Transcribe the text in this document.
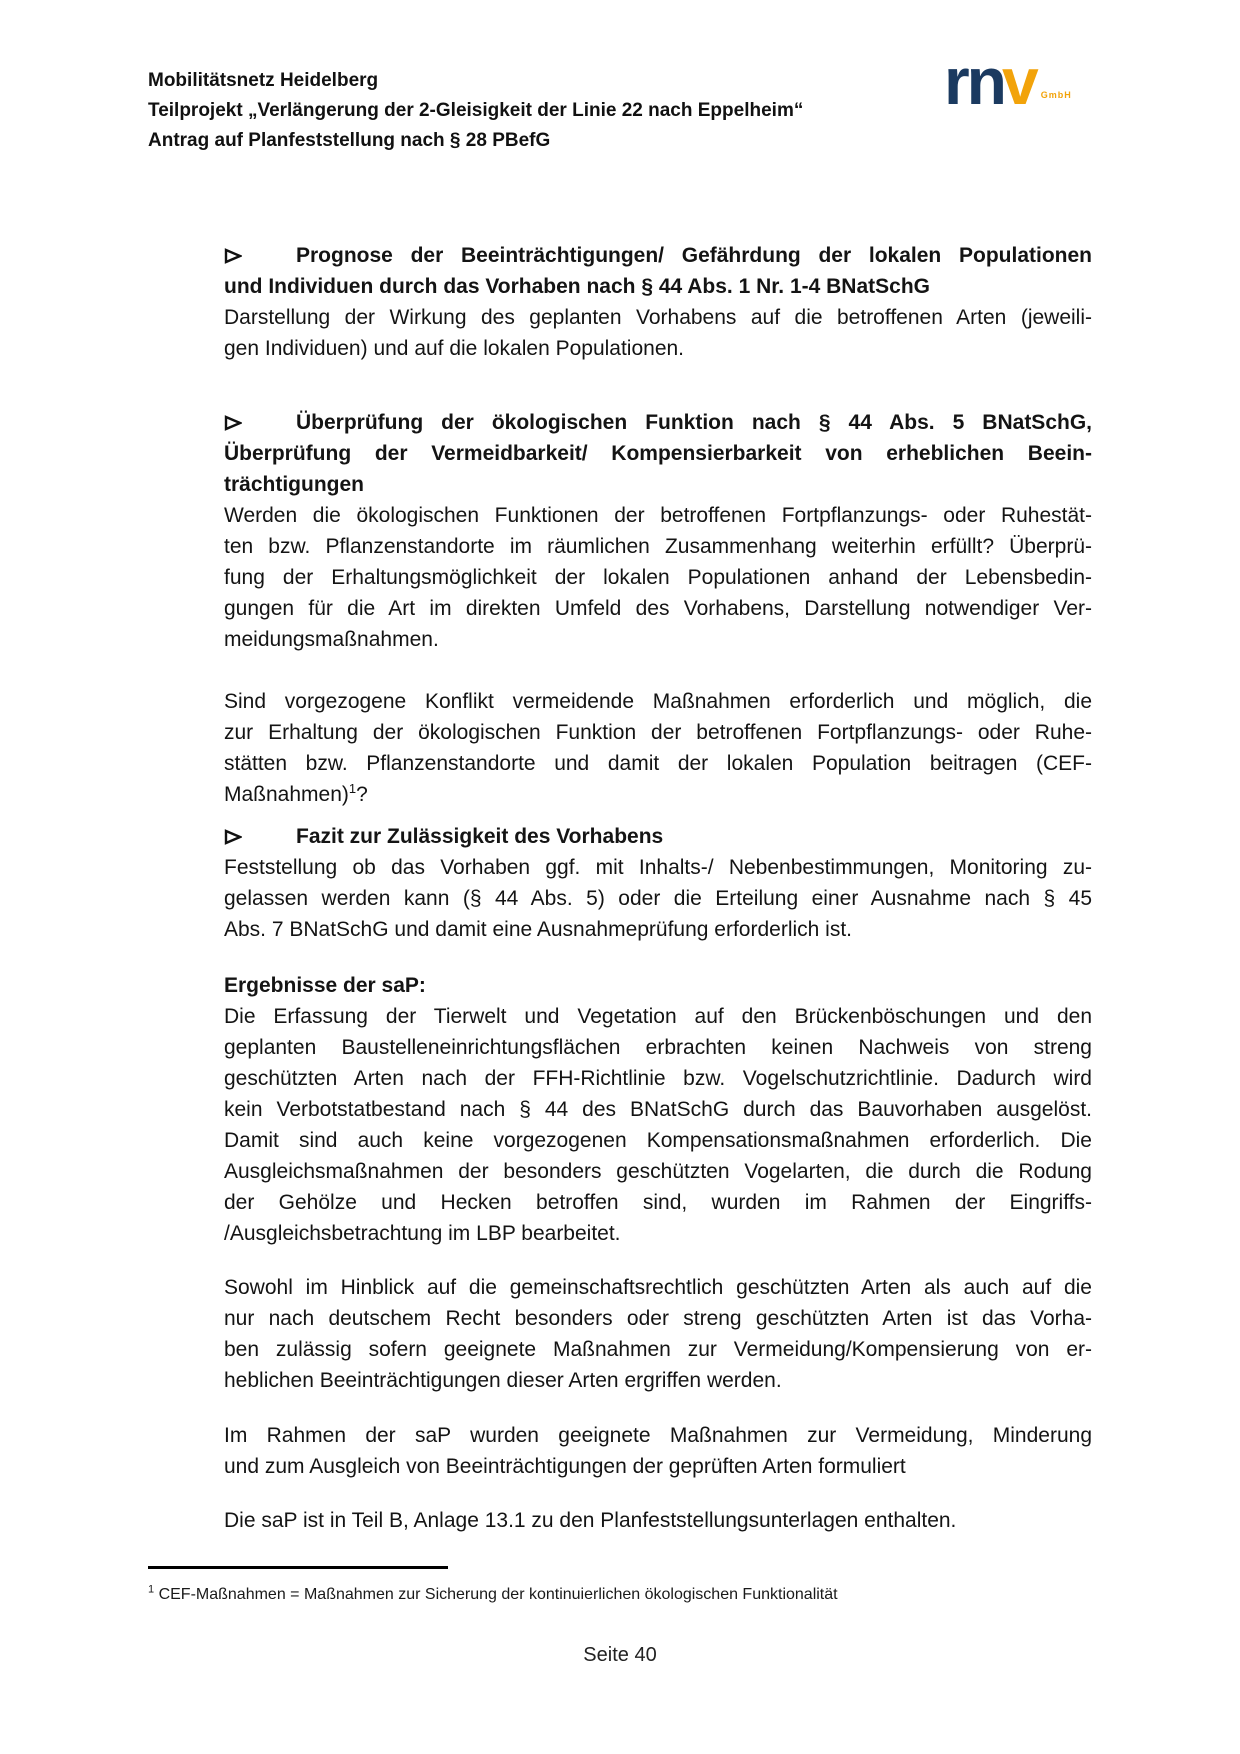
Mobilitätsnetz Heidelberg
Teilprojekt „Verlängerung der 2-Gleisigkeit der Linie 22 nach Eppelheim“
Antrag auf Planfeststellung nach § 28 PBefG
rnv $^{GmbH}$
Prognose der Beeinträchtigungen/ Gefährdung der lokalen Populationen
und Individuen durch das Vorhaben nach § 44 Abs. 1 Nr. 1-4 BNatSchG
Darstellung der Wirkung des geplanten Vorhabens auf die betroffenen Arten (jeweili-
gen Individuen) und auf die lokalen Populationen.
Überprüfung der ökologischen Funktion nach § 44 Abs. 5 BNatSchG,
Überprüfung der Vermeidbarkeit/ Kompensierbarkeit von erheblichen Beein-
trächtigungen
Werden die ökologischen Funktionen der betroffenen Fortpflanzungs- oder Ruhestät-
ten bzw. Pflanzenstandorte im räumlichen Zusammenhang weiterhin erfüllt? Überprü-
fung der Erhaltungsmöglichkeit der lokalen Populationen anhand der Lebensbedin-
gungen für die Art im direkten Umfeld des Vorhabens, Darstellung notwendiger Ver-
meidungsmaßnahmen.
Sind vorgezogene Konflikt vermeidende Maßnahmen erforderlich und möglich, die
zur Erhaltung der ökologischen Funktion der betroffenen Fortpflanzungs- oder Ruhe-
stätten bzw. Pflanzenstandorte und damit der lokalen Population beitragen (CEF-
Maßnahmen)$^1$?
Fazit zur Zulässigkeit des Vorhabens
Feststellung ob das Vorhaben ggf. mit Inhalts-/ Nebenbestimmungen, Monitoring zu-
gelassen werden kann (§ 44 Abs. 5) oder die Erteilung einer Ausnahme nach § 45
Abs. 7 BNatSchG und damit eine Ausnahmeprüfung erforderlich ist.
Ergebnisse der saP:
Die Erfassung der Tierwelt und Vegetation auf den Brückenböschungen und den
geplanten Baustelleneinrichtungsflächen erbrachten keinen Nachweis von streng
geschützten Arten nach der FFH-Richtlinie bzw. Vogelschutzrichtlinie. Dadurch wird
kein Verbotstatbestand nach § 44 des BNatSchG durch das Bauvorhaben ausgelöst.
Damit sind auch keine vorgezogenen Kompensationsmaßnahmen erforderlich. Die
Ausgleichsmaßnahmen der besonders geschützten Vogelarten, die durch die Rodung
der Gehölze und Hecken betroffen sind, wurden im Rahmen der Eingriffs-
/Ausgleichsbetrachtung im LBP bearbeitet.
Sowohl im Hinblick auf die gemeinschaftsrechtlich geschützten Arten als auch auf die
nur nach deutschem Recht besonders oder streng geschützten Arten ist das Vorha-
ben zulässig sofern geeignete Maßnahmen zur Vermeidung/Kompensierung von er-
heblichen Beeinträchtigungen dieser Arten ergriffen werden.
Im Rahmen der saP wurden geeignete Maßnahmen zur Vermeidung, Minderung
und zum Ausgleich von Beeinträchtigungen der geprüften Arten formuliert
Die saP ist in Teil B, Anlage 13.1 zu den Planfeststellungsunterlagen enthalten.
$^1$ CEF-Maßnahmen = Maßnahmen zur Sicherung der kontinuierlichen ökologischen Funktionalität
Seite 40
